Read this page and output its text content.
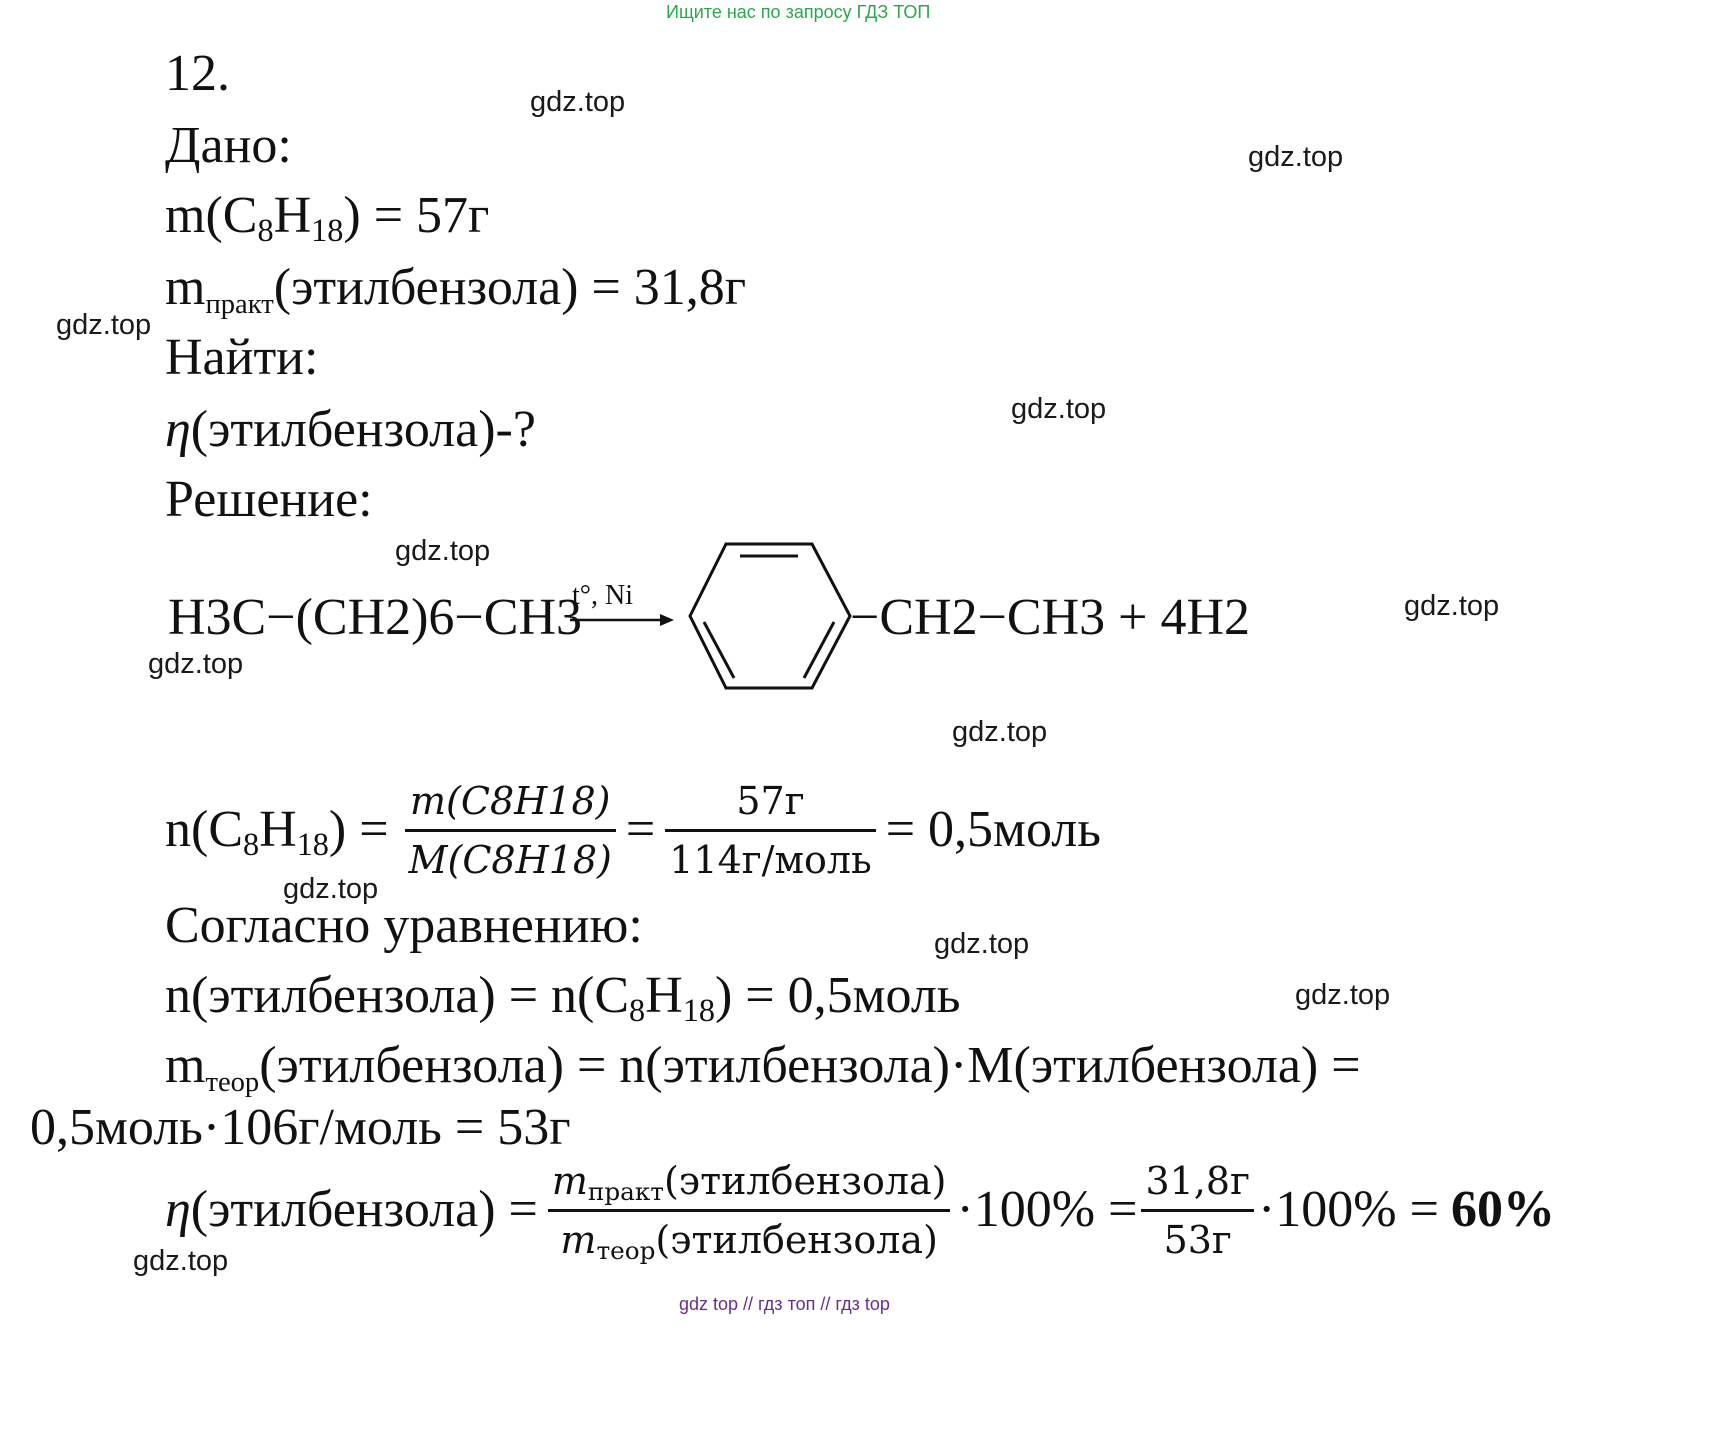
Ищите нас по запросу ГДЗ ТОП
gdz top // гдз топ // гдз top
gdz.top
gdz.top
gdz.top
gdz.top
gdz.top
gdz.top
gdz.top
gdz.top
gdz.top
gdz.top
gdz.top
gdz.top
12.
Дано:
m(C8H18) = 57г
mпракт(этилбензола) = 31,8г
Найти:
η(этилбензола)-?
Решение:
H3C−(CH2)6−CH3
t°, Ni	−CH2−CH3 + 4H2
$n(C8H18) = \frac{m(C8H18)}{M(C8H18)} = \frac{57г}{\text{114г/моль}}$ = 0,5моль
Согласно уравнению:
n(этилбензола) = n(C8H18) = 0,5моль
mтеор(этилбензола) = n(этилбензола)·M(этилбензола) =
0,5моль·106г/моль = 53г
η(этилбензола) = $\frac{\text{mпракт(этилбензола)}}{\text{mтеор(этилбензола)}} \cdot 100\% = \frac{31,8г}{53г} \cdot 100\% = 60\%$
